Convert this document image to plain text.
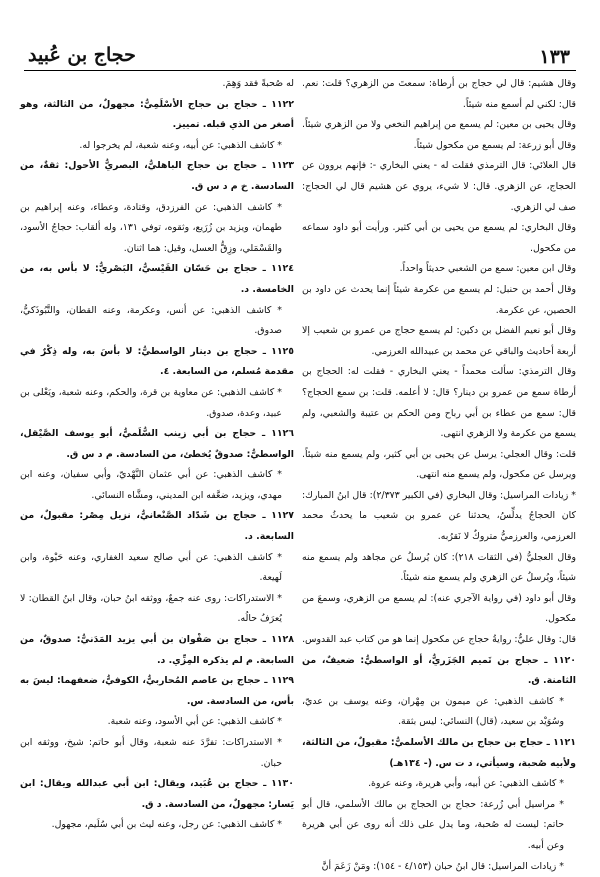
١٣٣
حجاج بن عُبيد

وقال هشيم: قال لي حجاج بن أرطاة: سمعتَ من الزهري؟ قلت: نعم. قال: لكني لم أسمع منه شيئاً.

وقال يحيى بن معين: لم يسمع من إبراهيم النخعي ولا من الزهري شيئاً. وقال أبو زرعة: لم يسمع من مكحول شيئاً.

قال العلائي: قال الترمذي فقلت له - يعني البخاري -: فإنهم يروون عن الحجاج، عن الزهري. قال: لا شيء، يروي عن هشيم قال لي الحجاج: صف لي الزهري.

وقال البخاري: لم يسمع من يحيى بن أبي كثير. ورأيت أبو داود سماعه من مكحول.

وقال ابن معين: سمع من الشعبي حديثاً واحداً.

وقال أحمد بن حنبل: لم يسمع من عكرمة شيئاً إنما يحدث عن داود بن الحصين، عن عكرمة.

وقال أبو نعيم الفضل بن دكين: لم يسمع حجاج من عمرو بن شعيب إلا أربعة أحاديث والباقي عن محمد بن عبيدالله العرزمي.

وقال الترمذي: سألت محمداً - يعني البخاري - فقلت له: الحجاج بن أرطاة سمع من عمرو بن دينار؟ قال: لا أعلمه. قلت: بن سمع الحجاج؟ قال: سمع من عطاء بن أبي رباح ومن الحكم بن عتيبة والشعبي، ولم يسمع من عكرمة ولا الزهري انتهى.

قلت: وقال العجلي: يرسل عن يحيى بن أبي كثير، ولم يسمع منه شيئاً. ويرسل عن مكحول، ولم يسمع منه انتهى.

* زيادات المراسيل: وقال البخاري (في الكبير ٢/٣٧٣): قال ابنُ المبارك: كان الحجاجُ يدلِّسُ، يحدثنا عن عمرو بن شعيب ما يحدثُ محمد العرزمي، والعرزميُّ متروكٌ لا نَقرُبه.

وقال العجليُّ (في الثقات ٢١٨): كان يُرسلُ عن مجاهد ولم يسمع منه شيئاً، ويُرسلُ عن الزهري ولم يسمع منه شيئاً.

وقال أبو داود (في رواية الآجري عنه): لم يسمع من الزهري، وسمعَ من مكحول.

قال: وقال عليٌّ: روايةُ حجاج عن مكحول إنما هو من كتاب عبد القدوس.

١١٢٠ ـ حجاج بن تَميم الجَزَريُّ، أو الواسطيُّ: ضعيفٌ، من الثامنة. ق.

* كاشف الذهبي: عن ميمون بن مِهْران، وعنه يوسف بن عديّ، وسُوَيْد بن سعيد، (قال) النسائي: ليس بثقة.

١١٢١ ـ حجاج بن حجاج بن مالك الأسلميُّ: مقبولٌ، من الثالثة، ولأبيه صُحبة، وسيأتي، د ت س. (- ١٣٤هـ)

* كاشف الذهبي: عن أبيه، وأبي هريرة، وعنه عروة.

* مراسيل أبي زُرعة: حجاج بن الحجاج بن مالك الأسلمي، قال أبو حاتم: ليست له صُحبة، وما يدل على ذلك أنه روى عن أبي هريرة وعن أبيه.

* زيادات المراسيل: قال ابنُ حبان (٤/١٥٣ - ١٥٤): ومَنْ زَعَمَ أنَّ

له صُحبةً فقد وَهِمَ.

١١٢٢ ـ حجاج بن حجاج الأسْلَمِيُّ: مجهولٌ، من الثالثة، وهو أصغر من الذي قبله. تمييز.

* كاشف الذهبي: عن أبيه، وعنه شعبة، لم يخرجوا له.

١١٢٣ ـ حجاج بن حجاج الباهليُّ، البصريُّ الأحول: ثقةٌ، من السادسة. خ م د س ق.

* كاشف الذهبي: عن الفرزدق، وقتادة، وعطاء، وعنه إبراهيم بن طهمان، ويزيد بن زُرَيع، وثقوه، توفي ١٣١، وله ألقاب: حجاجُ الأسود، والقَسْمَلي، وزِقُّ العسل، وقيل: هما اثنان.

١١٢٤ ـ حجاج بن حَسّان القَيْسيُّ، البَصْريُّ: لا بأس به، من الخامسة. د.

* كاشف الذهبي: عن أنس، وعكرمة، وعنه القطان، والتَّبُوذَكيُّ، صدوق.

١١٢٥ ـ حجاج بن دينار الواسطيُّ: لا بأسَ به، وله ذِكْرٌ في مقدمة مُسلم، من السابعة. ٤.

* كاشف الذهبي: عن معاوية بن قرة، والحكم، وعنه شعبة، ويَعْلى بن عبيد، وعدة، صدوق.

١١٢٦ ـ حجاج بن أبي زينب السُّلَميُّ، أبو يوسف الصَّيْقل، الواسطيُّ: صدوقٌ يُخطئ، من السادسة. م د س ق.

* كاشف الذهبي: عن أبي عثمان النَّهْديّ، وأبي سفيان، وعنه ابن مهدي، ويزيد، ضعَّفه ابن المديني، ومشَّاه النسائي.

١١٢٧ ـ حجاج بن شَدّاد الصَّنْعانيُّ، نزيل مِصْر: مقبولٌ، من السابعة. د.

* كاشف الذهبي: عن أبي صالح سعيد الغفاري، وعنه حَيْوة، وابن لَهيعة.

* الاستدراكات: روى عنه جمعٌ، ووثقه ابنُ حبان، وقال ابنُ القطان: لا يُعرَفُ حالُه.

١١٢٨ ـ حجاج بن صَفْوان بن أبي يزيد المَدَنيُّ: صدوقٌ، من السابعة. م لم يذكره المِزِّي. د.

١١٢٩ ـ حجاج بن عاصم المُحاربيُّ، الكوفيُّ، ضعفهما: ليسَ به بأس، من السادسة. س.

* كاشف الذهبي: عن أبي الأسود، وعنه شعبة.

* الاستدراكات: تفرَّدَ عنه شعبة، وقال أبو حاتم: شيخ، ووثقه ابن حبان.

١١٣٠ ـ حجاج بن عُبَيد، ويقال: ابن أبي عبدالله ويقال: ابن يَسار: مجهولٌ، من السادسة. د ق.

* كاشف الذهبي: عن رجل، وعنه ليث بن أبي سُلَيم، مجهول.
